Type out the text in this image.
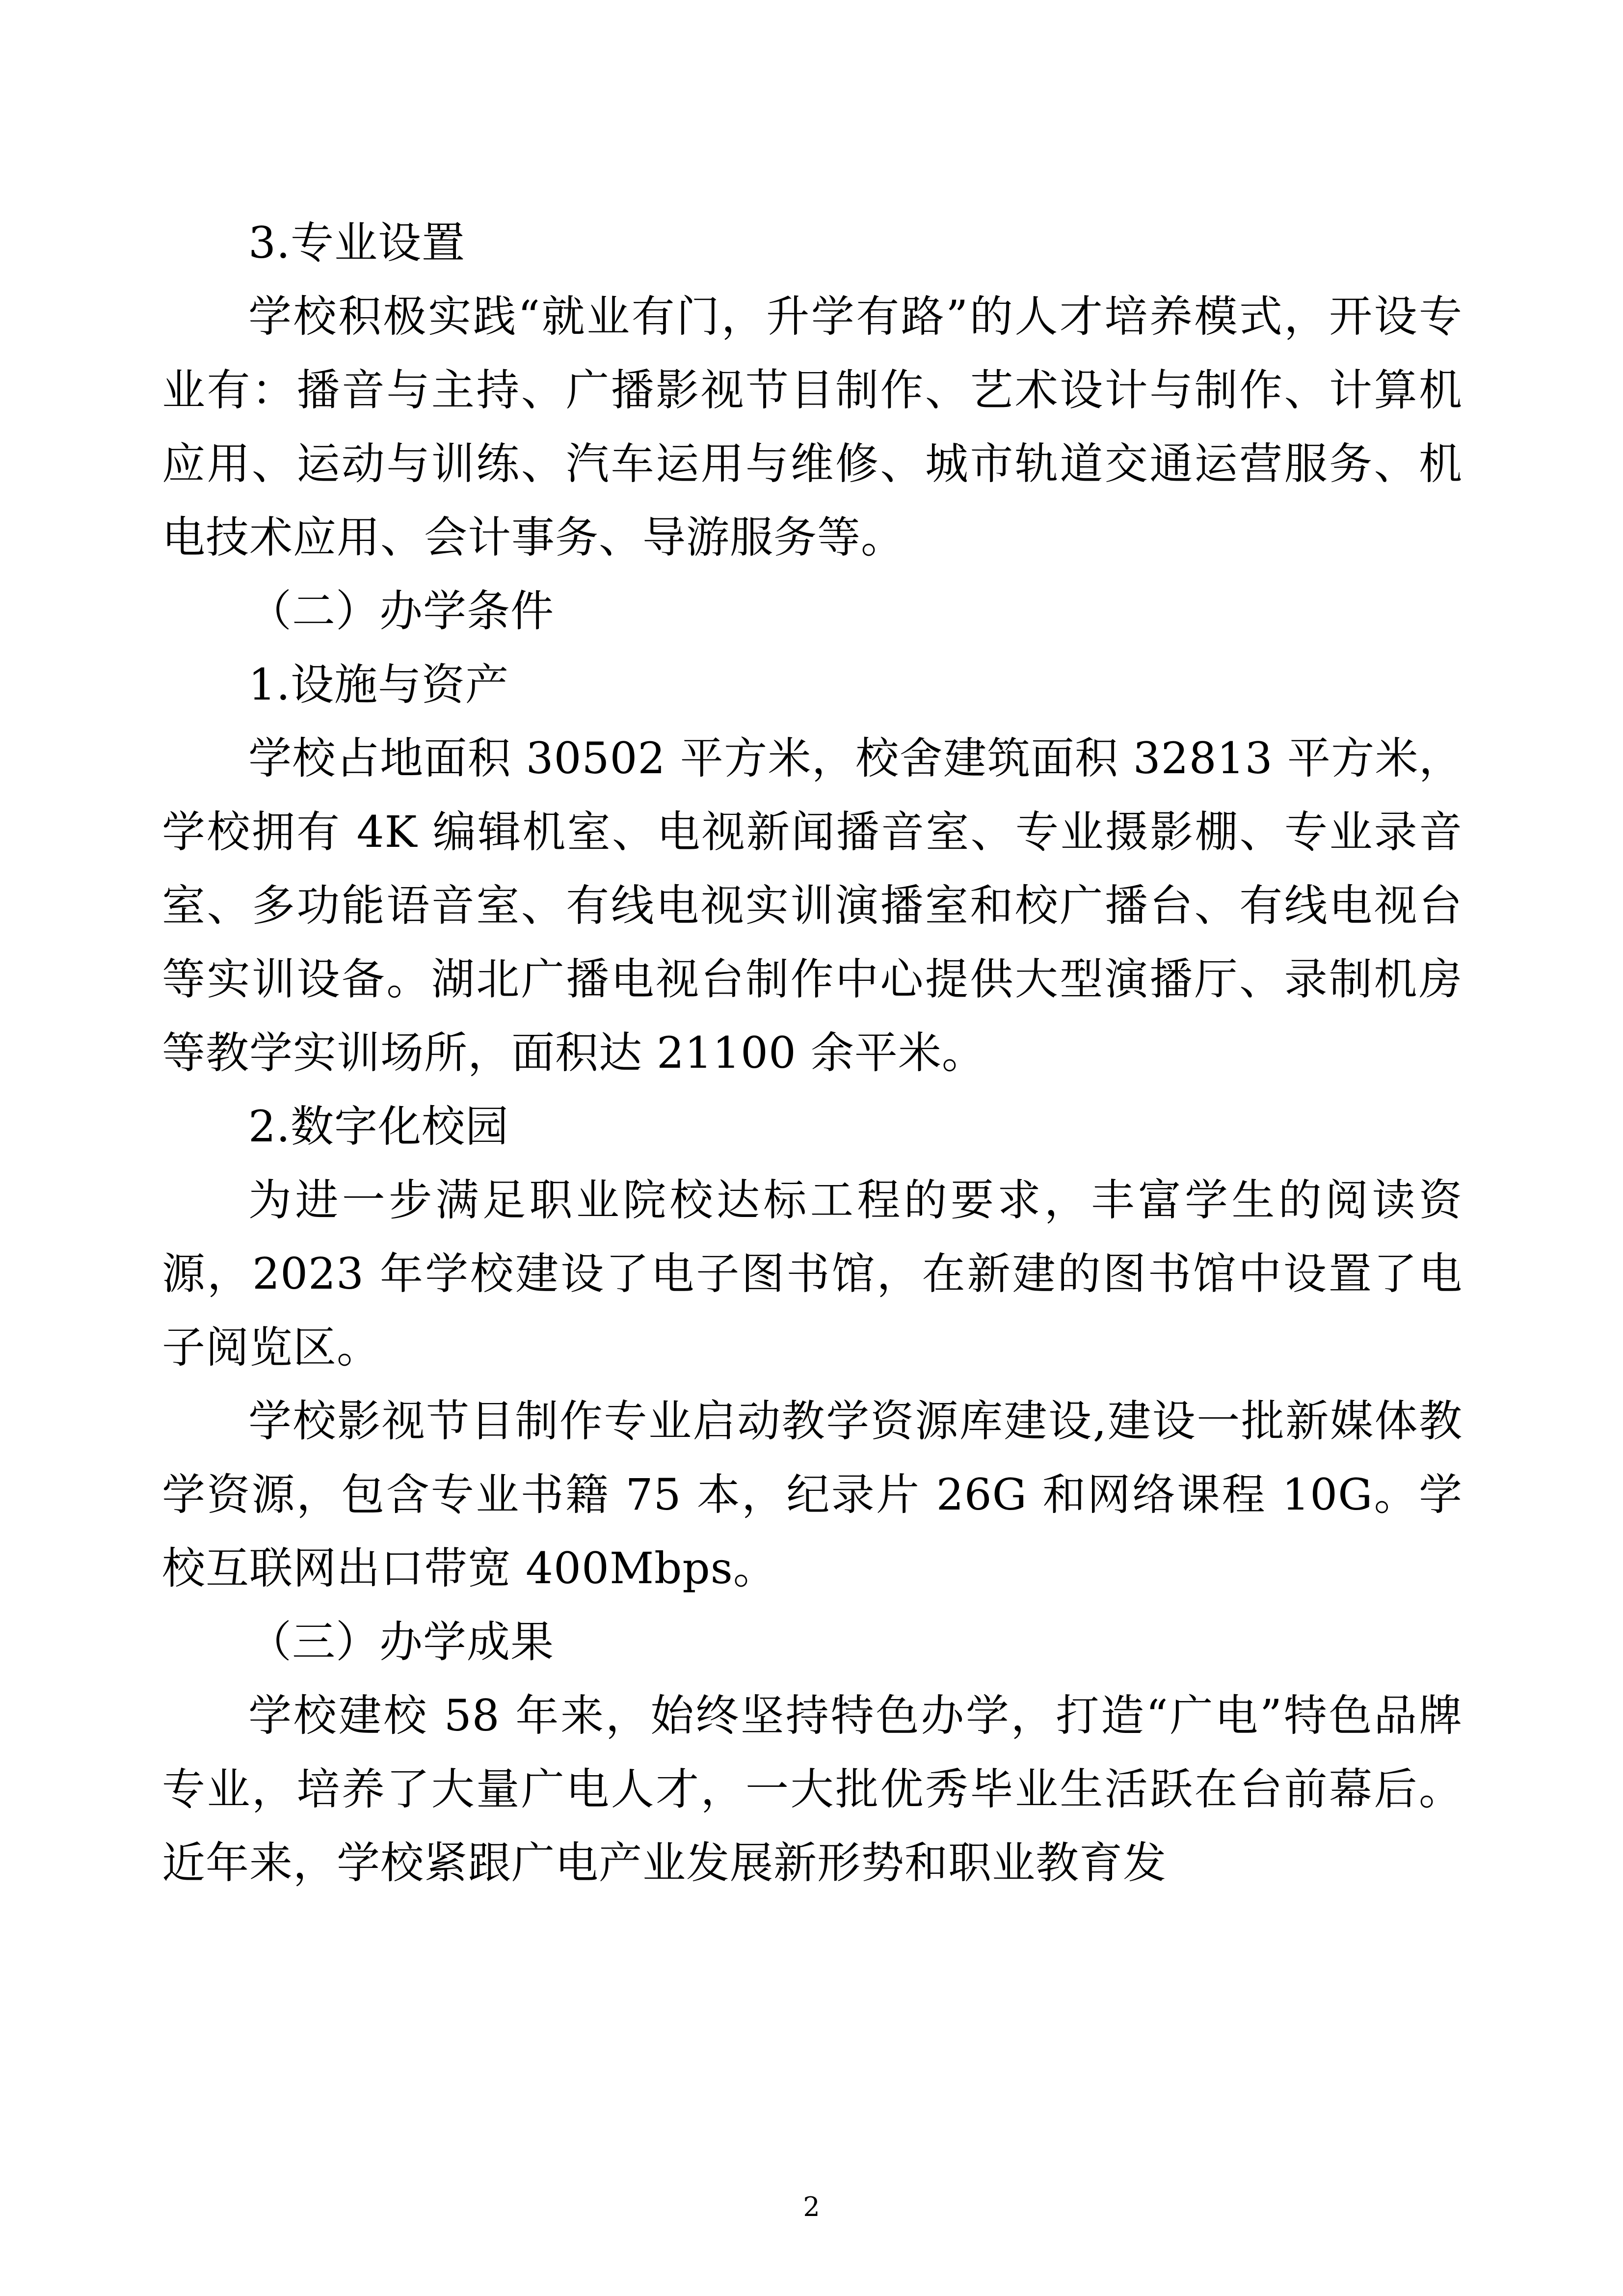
3.专业设置

学校积极实践“就业有门，升学有路”的人才培养模式，开设专业有：播音与主持、广播影视节目制作、艺术设计与制作、计算机应用、运动与训练、汽车运用与维修、城市轨道交通运营服务、机电技术应用、会计事务、导游服务等。

（二）办学条件

1.设施与资产

学校占地面积 30502 平方米，校舍建筑面积 32813 平方米，学校拥有 4K 编辑机室、电视新闻播音室、专业摄影棚、专业录音室、多功能语音室、有线电视实训演播室和校广播台、有线电视台等实训设备。湖北广播电视台制作中心提供大型演播厅、录制机房等教学实训场所，面积达 21100 余平米。

2.数字化校园

为进一步满足职业院校达标工程的要求，丰富学生的阅读资源，2023 年学校建设了电子图书馆，在新建的图书馆中设置了电子阅览区。

学校影视节目制作专业启动教学资源库建设,建设一批新媒体教学资源，包含专业书籍 75 本，纪录片 26G 和网络课程 10G。学校互联网出口带宽 400Mbps。

（三）办学成果

学校建校 58 年来，始终坚持特色办学，打造“广电”特色品牌专业，培养了大量广电人才，一大批优秀毕业生活跃在台前幕后。近年来，学校紧跟广电产业发展新形势和职业教育发

2
